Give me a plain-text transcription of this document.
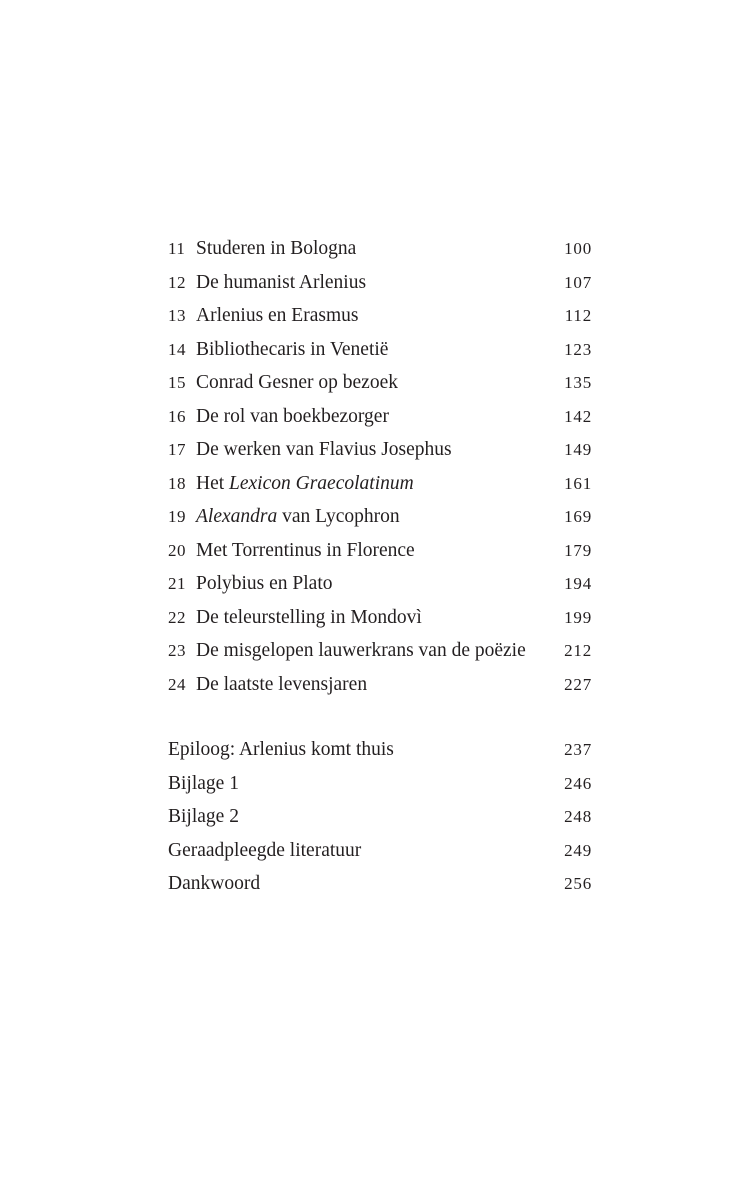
11 Studeren in Bologna	100
12 De humanist Arlenius	107
13 Arlenius en Erasmus	112
14 Bibliothecaris in Venetië	123
15 Conrad Gesner op bezoek	135
16 De rol van boekbezorger	142
17 De werken van Flavius Josephus	149
18 Het Lexicon Graecolatinum	161
19 Alexandra van Lycophron	169
20 Met Torrentinus in Florence	179
21 Polybius en Plato	194
22 De teleurstelling in Mondovì	199
23 De misgelopen lauwerkrans van de poëzie 212
24 De laatste levensjaren	227
Epiloog: Arlenius komt thuis	237
Bijlage 1	246
Bijlage 2	248
Geraadpleegde literatuur	249
Dankwoord	256
